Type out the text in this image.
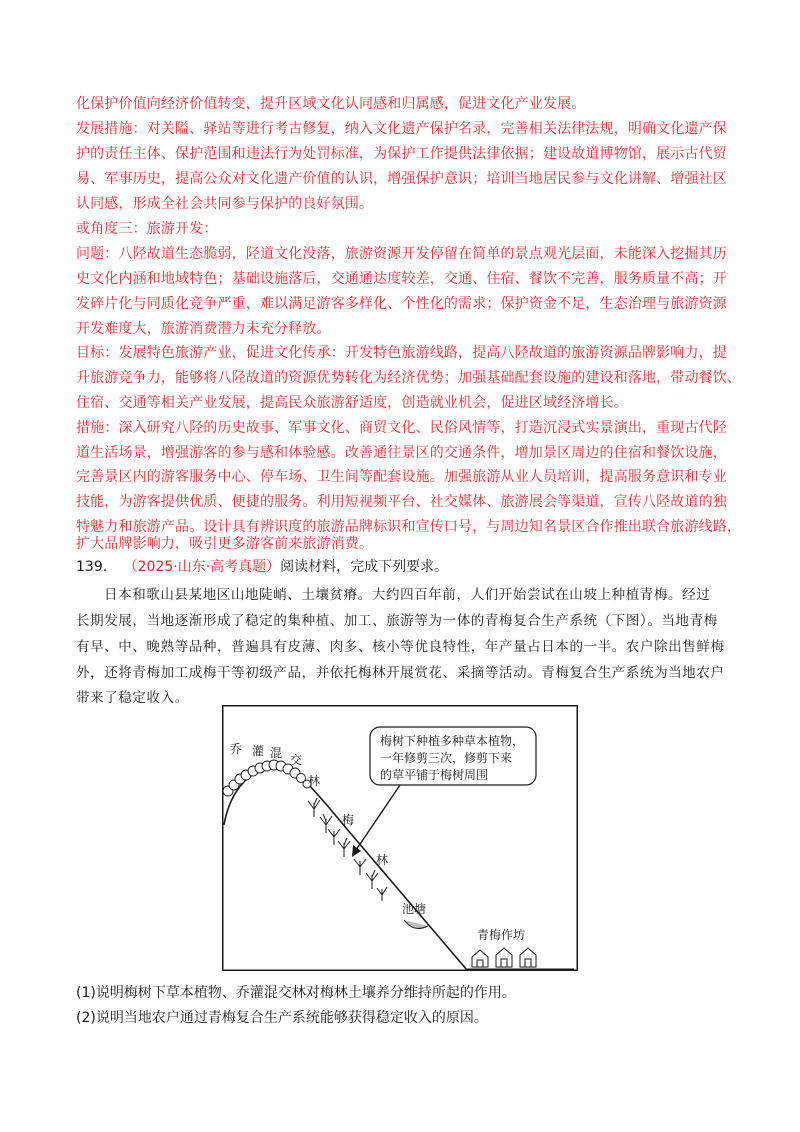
化保护价值向经济价值转变，提升区域文化认同感和归属感，促进文化产业发展。
发展措施：对关隘、驿站等进行考古修复，纳入文化遗产保护名录，完善相关法律法规，明确文化遗产保
护的责任主体、保护范围和违法行为处罚标准，为保护工作提供法律依据；建设故道博物馆，展示古代贸
易、军事历史，提高公众对文化遗产价值的认识，增强保护意识；培训当地居民参与文化讲解、增强社区
认同感，形成全社会共同参与保护的良好氛围。
或角度三：旅游开发：
问题：八陉故道生态脆弱，陉道文化没落，旅游资源开发停留在简单的景点观光层面，未能深入挖掘其历
史文化内涵和地域特色；基础设施落后，交通通达度较差，交通、住宿、餐饮不完善，服务质量不高；开
发碎片化与同质化竞争严重，难以满足游客多样化、个性化的需求；保护资金不足，生态治理与旅游资源
开发难度大，旅游消费潜力未充分释放。
目标：发展特色旅游产业，促进文化传承：开发特色旅游线路，提高八陉故道的旅游资源品牌影响力，提
升旅游竞争力，能够将八陉故道的资源优势转化为经济优势；加强基础配套设施的建设和落地，带动餐饮、
住宿、交通等相关产业发展，提高民众旅游舒适度，创造就业机会，促进区域经济增长。
措施：深入研究八陉的历史故事、军事文化、商贸文化、民俗风情等，打造沉浸式实景演出，重现古代陉
道生活场景，增强游客的参与感和体验感。改善通往景区的交通条件，增加景区周边的住宿和餐饮设施，
完善景区内的游客服务中心、停车场、卫生间等配套设施。加强旅游从业人员培训，提高服务意识和专业
技能，为游客提供优质、便捷的服务。利用短视频平台、社交媒体、旅游展会等渠道，宣传八陉故道的独
特魅力和旅游产品。设计具有辨识度的旅游品牌标识和宣传口号，与周边知名景区合作推出联合旅游线路，
扩大品牌影响力，吸引更多游客前来旅游消费。
139. （2025·山东·高考真题）阅读材料，完成下列要求。
日本和歌山县某地区山地陡峭、土壤贫瘠。大约四百年前，人们开始尝试在山坡上种植青梅。经过
长期发展，当地逐渐形成了稳定的集种植、加工、旅游等为一体的青梅复合生产系统（下图）。当地青梅
有早、中、晚熟等品种，普遍具有皮薄、肉多、核小等优良特性，年产量占日本的一半。农户除出售鲜梅
外，还将青梅加工成梅干等初级产品，并依托梅林开展赏花、采摘等活动。青梅复合生产系统为当地农户
带来了稳定收入。
梅树下种植多种草本植物，
一年修剪三次，修剪下来
的草平铺于梅树周围
乔 灌 混 交
林
梅
林
池塘
青梅作坊
(1)说明梅树下草本植物、乔灌混交林对梅林土壤养分维持所起的作用。
(2)说明当地农户通过青梅复合生产系统能够获得稳定收入的原因。
